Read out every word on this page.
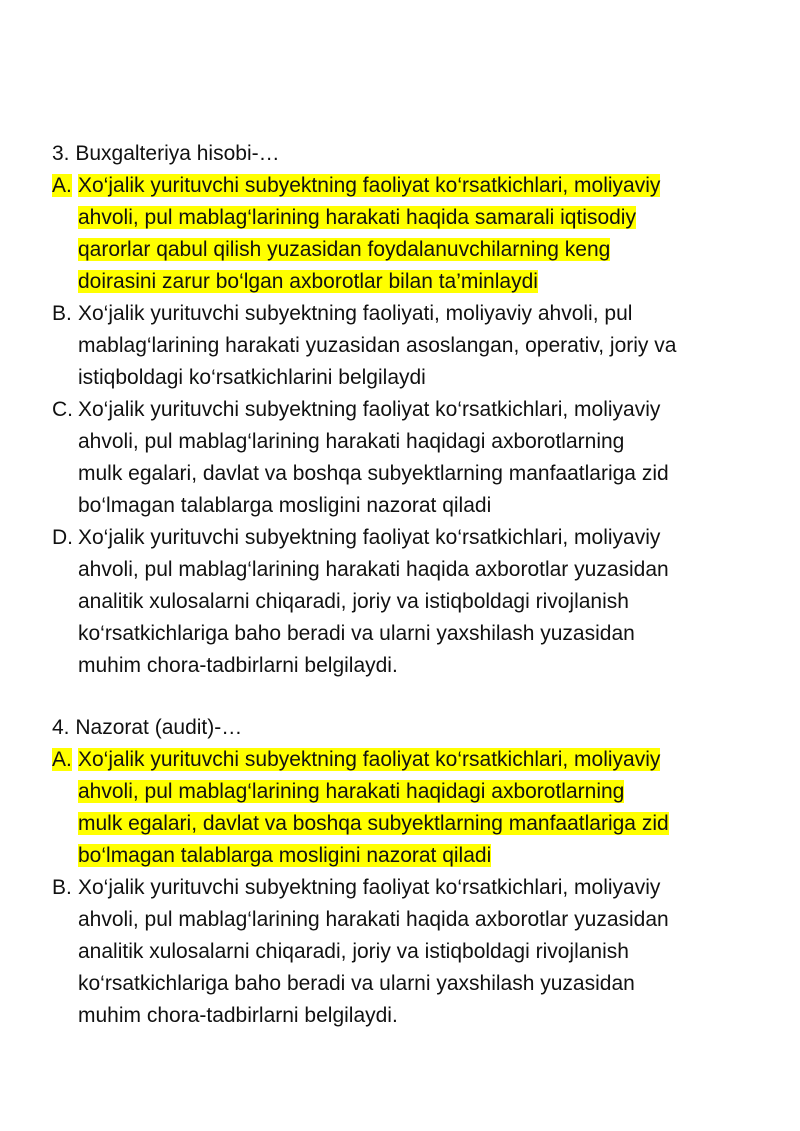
3. Buxgalteriya hisobi-…
A. Xo‘jalik yurituvchi subyektning faoliyat ko‘rsatkichlari, moliyaviy
ahvoli, pul mablag‘larining harakati haqida samarali iqtisodiy
qarorlar qabul qilish yuzasidan foydalanuvchilarning keng
doirasini zarur bo‘lgan axborotlar bilan ta’minlaydi
B. Xo‘jalik yurituvchi subyektning faoliyati, moliyaviy ahvoli, pul
mablag‘larining harakati yuzasidan asoslangan, operativ, joriy va
istiqboldagi ko‘rsatkichlarini belgilaydi
C. Xo‘jalik yurituvchi subyektning faoliyat ko‘rsatkichlari, moliyaviy
ahvoli, pul mablag‘larining harakati haqidagi axborotlarning
mulk egalari, davlat va boshqa subyektlarning manfaatlariga zid
bo‘lmagan talablarga mosligini nazorat qiladi
D. Xo‘jalik yurituvchi subyektning faoliyat ko‘rsatkichlari, moliyaviy
ahvoli, pul mablag‘larining harakati haqida axborotlar yuzasidan
analitik xulosalarni chiqaradi, joriy va istiqboldagi rivojlanish
ko‘rsatkichlariga baho beradi va ularni yaxshilash yuzasidan
muhim chora-tadbirlarni belgilaydi.
4. Nazorat (audit)-…
A. Xo‘jalik yurituvchi subyektning faoliyat ko‘rsatkichlari, moliyaviy
ahvoli, pul mablag‘larining harakati haqidagi axborotlarning
mulk egalari, davlat va boshqa subyektlarning manfaatlariga zid
bo‘lmagan talablarga mosligini nazorat qiladi
B. Xo‘jalik yurituvchi subyektning faoliyat ko‘rsatkichlari, moliyaviy
ahvoli, pul mablag‘larining harakati haqida axborotlar yuzasidan
analitik xulosalarni chiqaradi, joriy va istiqboldagi rivojlanish
ko‘rsatkichlariga baho beradi va ularni yaxshilash yuzasidan
muhim chora-tadbirlarni belgilaydi.
